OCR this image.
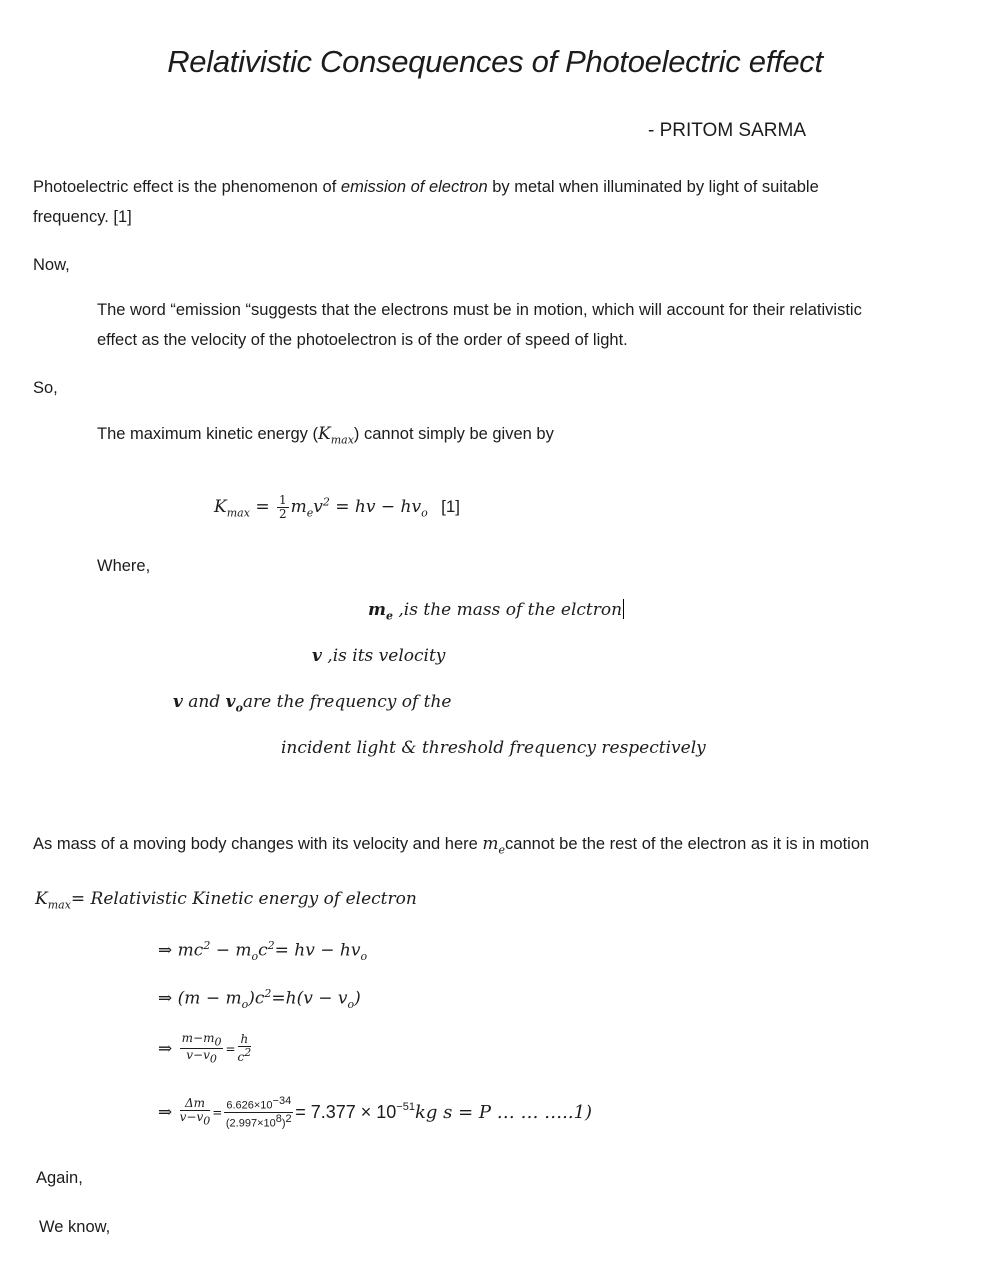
Relativistic Consequences of Photoelectric effect
- PRITOM SARMA
Photoelectric effect is the phenomenon of emission of electron by metal when illuminated by light of suitable
frequency. [1]
Now,
The word “emission “suggests that the electrons must be in motion, which will account for their relativistic
effect as the velocity of the photoelectron is of the order of speed of light.
So,
The maximum kinetic energy $(K_{max})$ cannot simply be given by
$K_{max} = \frac{1}{2} m_ev^2$ = hv − $hv_o$ [1]
Where,
$m_e$ ,is the mass of the elctron
v ,is its velocity
v and $v_oare$ the frequency of the
incident light & threshold frequency respectively
As mass of a moving body changes with its velocity and here $m_ecannot$ be the rest of the electron as it is in motion
$K_{max}=$ Relativistic Kinetic energy of electron
⇒ $mc^2 - m_oc^2=$ hv − $hv_o$
⇒ $(m - m_o)c^2=h(v - v_o)$
⇒ $\frac{m-m_0}{v-v_0} = \frac{h}{c^2}$
⇒ $\frac{\Delta m}{v-v_0} = \frac{6.626\times 10^{-34}}{(2.997\times 10^8)^2} = 7.377 \times 10^{-51}kg$ s = P … … …..1)
Again,
We know,
